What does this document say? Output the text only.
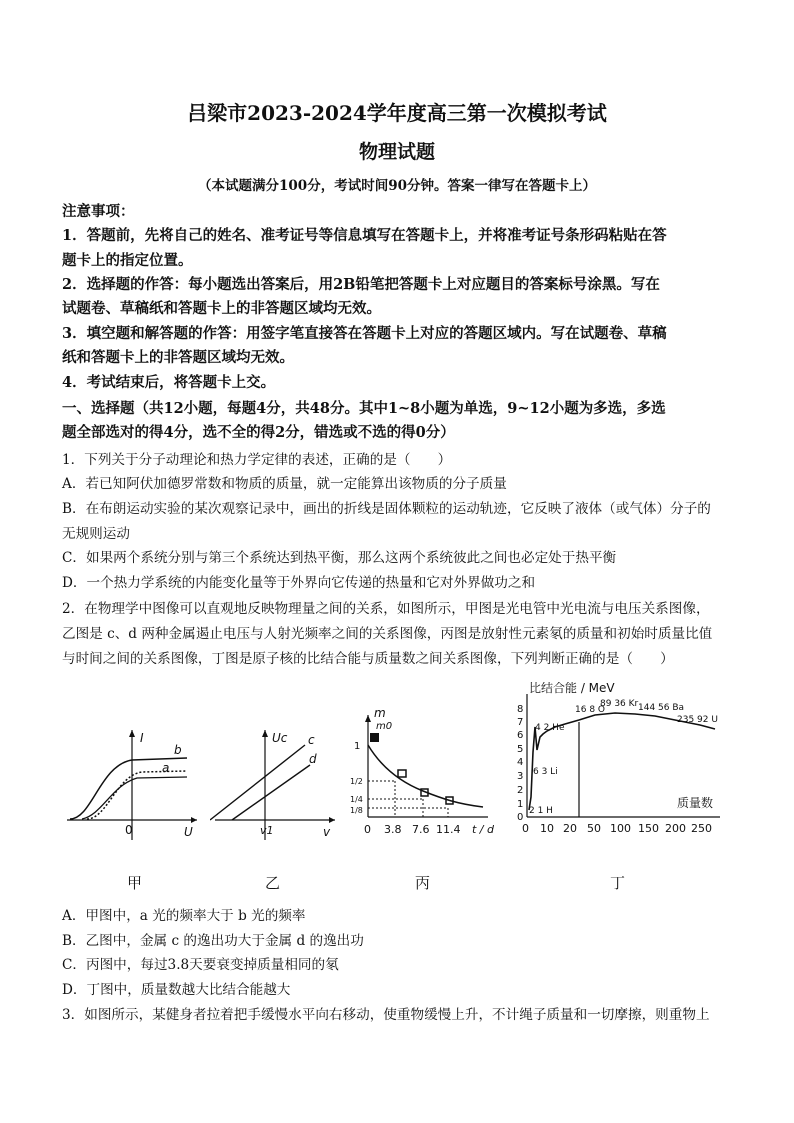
吕梁市2023-2024学年度高三第一次模拟考试
物理试题
（本试题满分100分，考试时间90分钟。答案一律写在答题卡上）
注意事项：
1．答题前，先将自己的姓名、准考证号等信息填写在答题卡上，并将准考证号条形码粘贴在答
题卡上的指定位置。
2．选择题的作答：每小题选出答案后，用2B铅笔把答题卡上对应题目的答案标号涂黑。写在
试题卷、草稿纸和答题卡上的非答题区域均无效。
3．填空题和解答题的作答：用签字笔直接答在答题卡上对应的答题区域内。写在试题卷、草稿
纸和答题卡上的非答题区域均无效。
4．考试结束后，将答题卡上交。
一、选择题（共12小题，每题4分，共48分。其中1~8小题为单选，9~12小题为多选，多选
题全部选对的得4分，选不全的得2分，错选或不选的得0分）
1．下列关于分子动理论和热力学定律的表述，正确的是（　　）
A．若已知阿伏加德罗常数和物质的质量，就一定能算出该物质的分子质量
B．在布朗运动实验的某次观察记录中，画出的折线是固体颗粒的运动轨迹，它反映了液体（或气体）分子的
无规则运动
C．如果两个系统分别与第三个系统达到热平衡，那么这两个系统彼此之间也必定处于热平衡
D．一个热力学系统的内能变化量等于外界向它传递的热量和它对外界做功之和
2．在物理学中图像可以直观地反映物理量之间的关系，如图所示，甲图是光电管中光电流与电压关系图像，
乙图是 c、d 两种金属遏止电压与人射光频率之间的关系图像，丙图是放射性元素氡的质量和初始时质量比值
与时间之间的关系图像，丁图是原子核的比结合能与质量数之间关系图像，下列判断正确的是（　　）
I
U
0
b
a
Uc
v
v1
c
d
m
m0
t / d
0 3.8 7.6 11.4
1
1/2
1/4
1/8
比结合能 / MeV
质量数
0 10 20 50 100 150 200 250
0
1
2
3
4
5
6
7
8
4 2 He
16 8 O
89 36 Kr 144 56 Ba
235 92 U
6 3 Li
2 1 H
甲	乙	丙	丁
A．甲图中，a 光的频率大于 b 光的频率
B．乙图中，金属 c 的逸出功大于金属 d 的逸出功
C．丙图中，每过3.8天要衰变掉质量相同的氡
D．丁图中，质量数越大比结合能越大
3．如图所示，某健身者拉着把手缓慢水平向右移动，使重物缓慢上升，不计绳子质量和一切摩擦，则重物上
